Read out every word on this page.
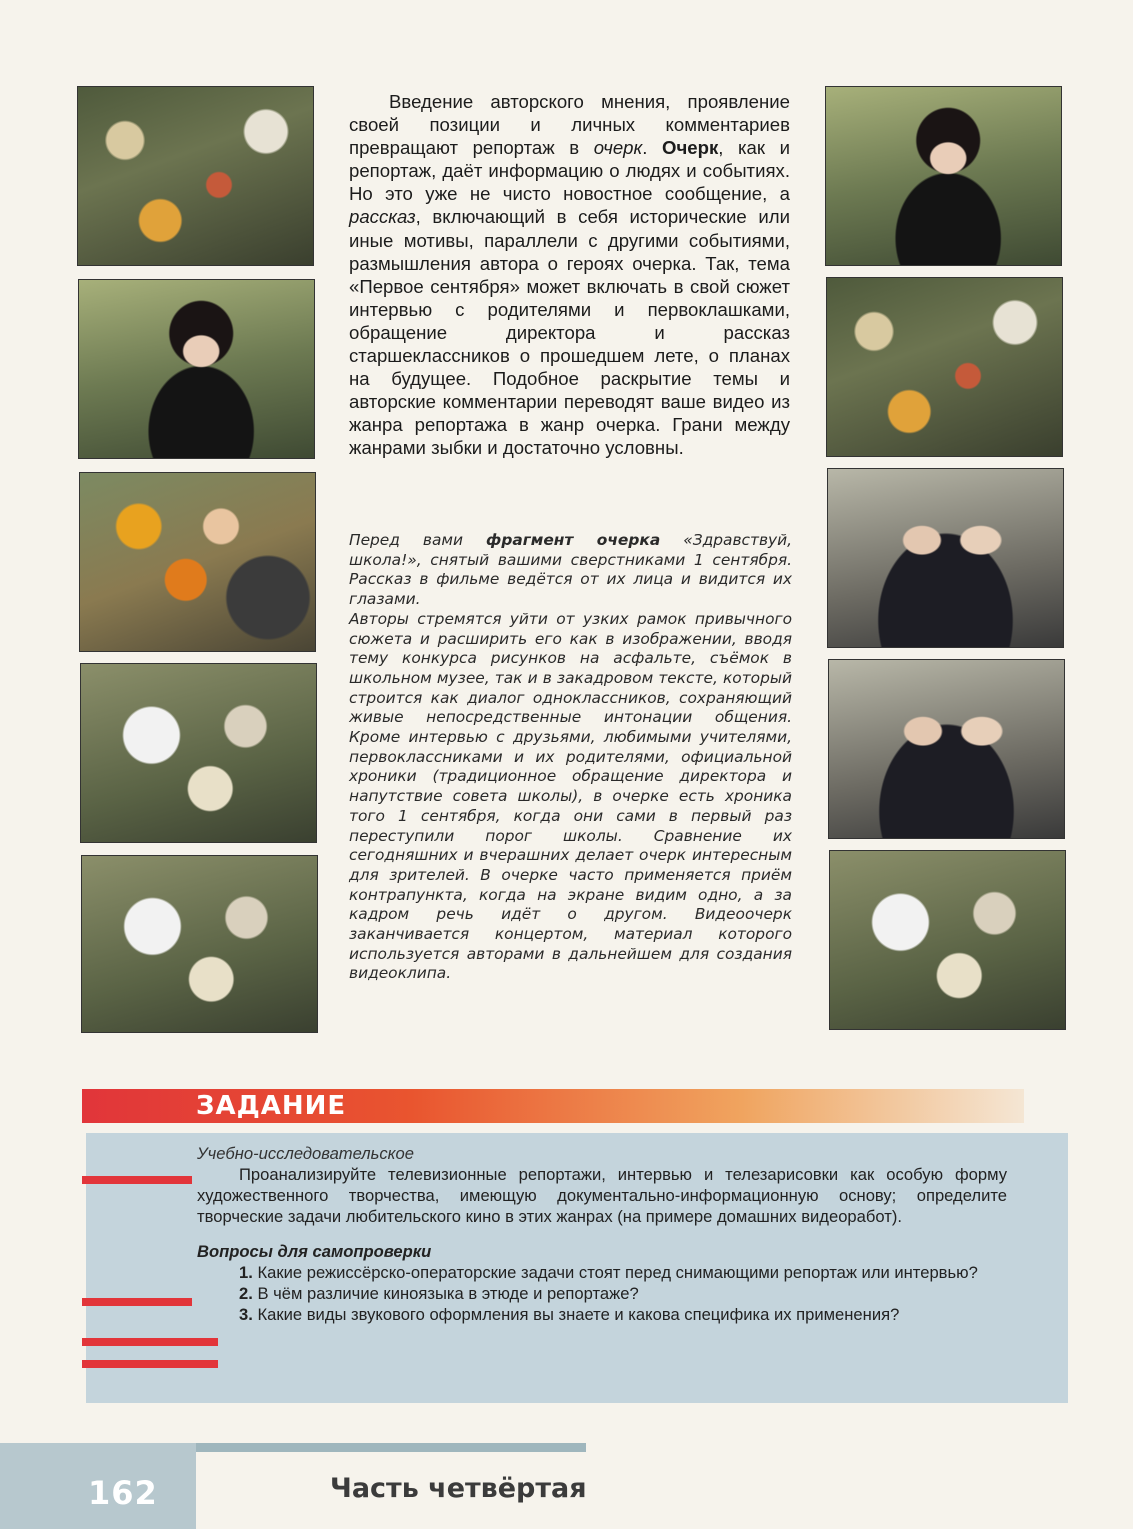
Введение авторского мнения, проявление своей позиции и личных комментариев превращают репортаж в очерк. Очерк, как и репортаж, даёт информацию о людях и событиях. Но это уже не чисто новостное сообщение, а рассказ, включающий в себя исторические или иные мотивы, параллели с другими событиями, размышления автора о героях очерка. Так, тема «Первое сентября» может включать в свой сюжет интервью с родителями и первоклашками, обращение директора и рассказ старшеклассников о прошедшем лете, о планах на будущее. Подобное раскрытие темы и авторские комментарии переводят ваше видео из жанра репортажа в жанр очерка. Грани между жанрами зыбки и достаточно условны.

Перед вами фрагмент очерка «Здравствуй, школа!», снятый вашими сверстниками 1 сентября. Рассказ в фильме ведётся от их лица и видится их глазами.

Авторы стремятся уйти от узких рамок привычного сюжета и расширить его как в изображении, вводя тему конкурса рисунков на асфальте, съёмок в школьном музее, так и в закадровом тексте, который строится как диалог одноклассников, сохраняющий живые непосредственные интонации общения. Кроме интервью с друзьями, любимыми учителями, первоклассниками и их родителями, официальной хроники (традиционное обращение директора и напутствие совета школы), в очерке есть хроника того 1 сентября, когда они сами в первый раз переступили порог школы. Сравнение их сегодняшних и вчерашних делает очерк интересным для зрителей. В очерке часто применяется приём контрапункта, когда на экране видим одно, а за кадром речь идёт о другом. Видеоочерк заканчивается концертом, материал которого используется авторами в дальнейшем для создания видеоклипа.

ЗАДАНИЕ

Учебно-исследовательское

Проанализируйте телевизионные репортажи, интервью и телезарисовки как особую форму художественного творчества, имеющую документально-информационную основу; определите творческие задачи любительского кино в этих жанрах (на примере домашних видеоработ).

Вопросы для самопроверки

1. Какие режиссёрско-операторские задачи стоят перед снимающими репортаж или интервью?

2. В чём различие киноязыка в этюде и репортаже?

3. Какие виды звукового оформления вы знаете и какова специфика их применения?

162	Часть четвёртая
